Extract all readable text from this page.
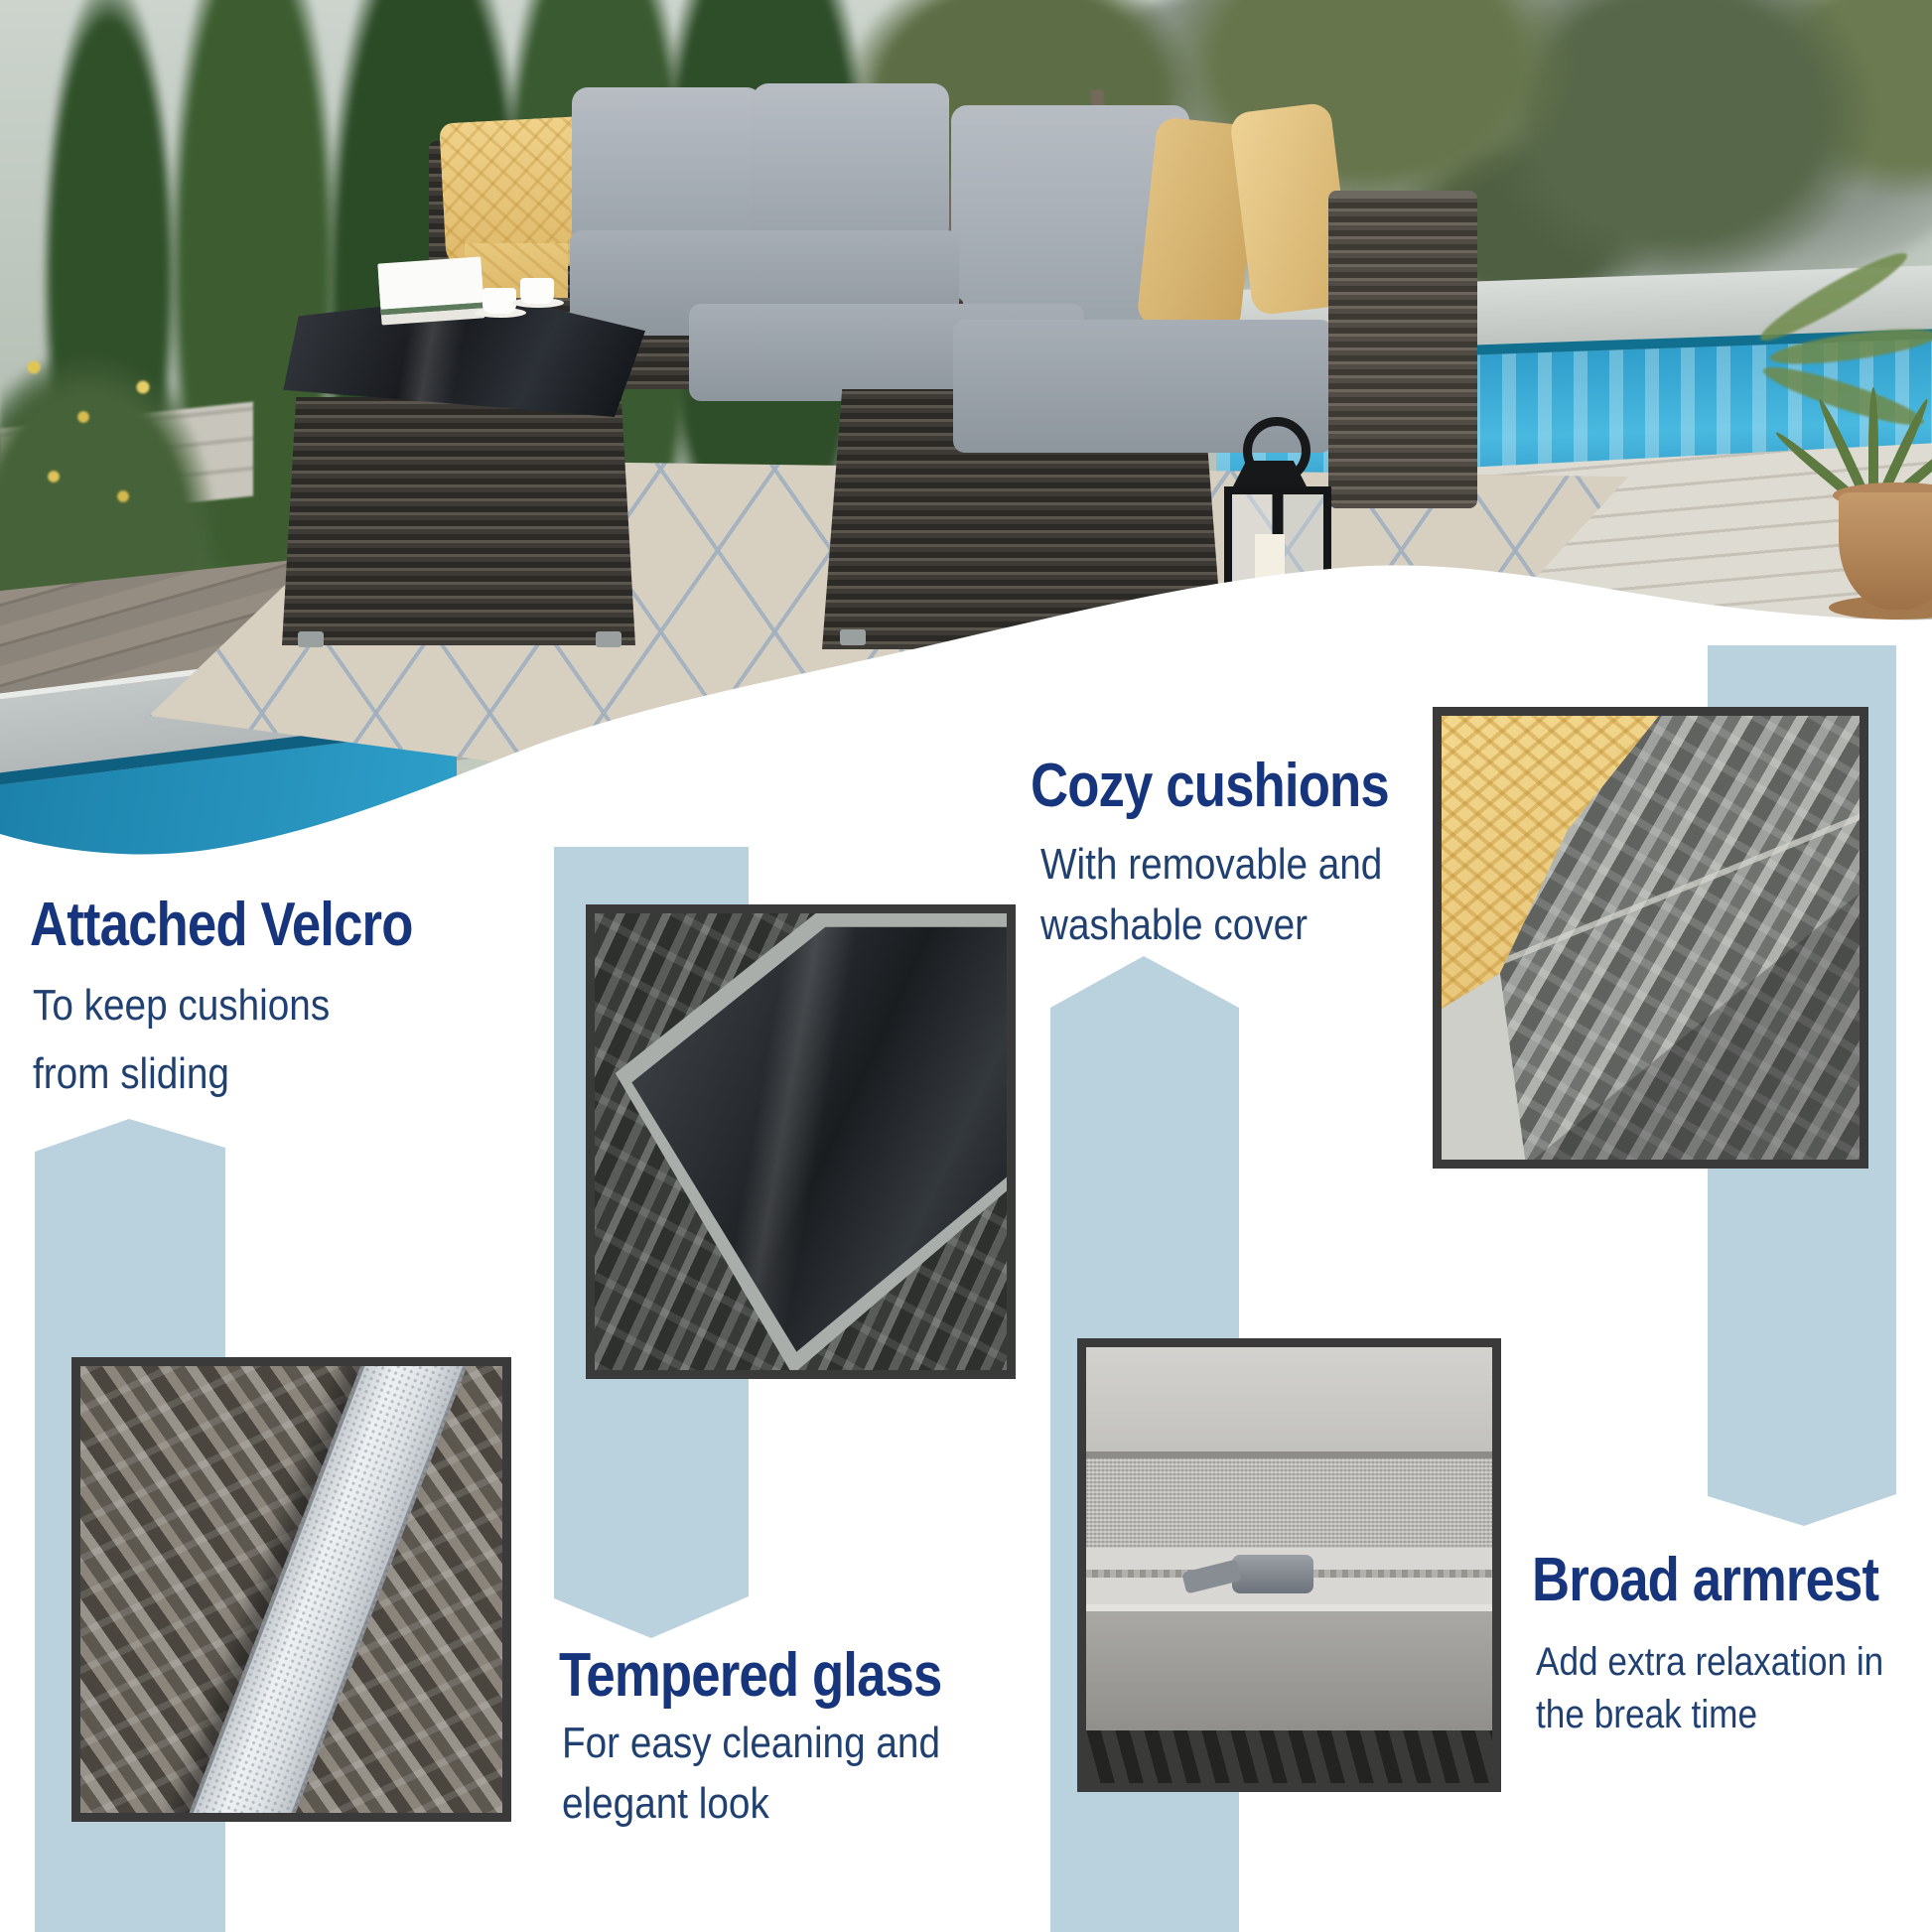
Attached Velcro

To keep cushions
from sliding

Cozy cushions

With removable and
washable cover

Tempered glass

For easy cleaning and
elegant look

Broad armrest

Add extra relaxation in
the break time
